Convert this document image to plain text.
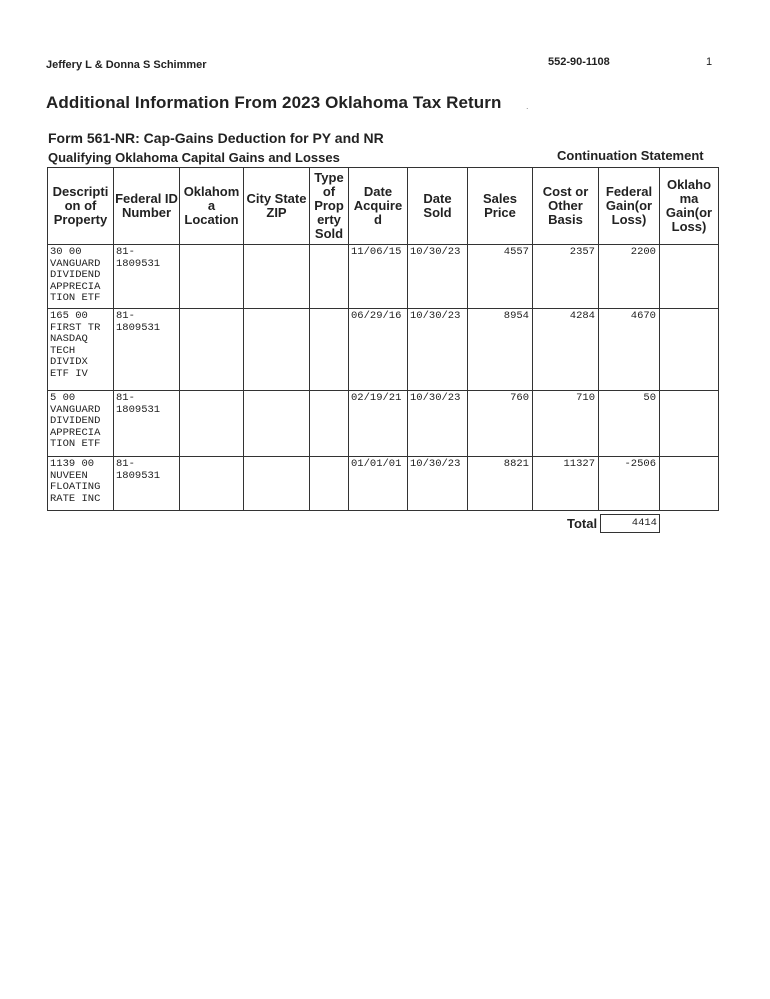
Jeffery L & Donna S Schimmer	552-90-1108	1
Additional Information From 2023 Oklahoma Tax Return	.
Form 561-NR: Cap-Gains Deduction for PY and NR
Qualifying Oklahoma Capital Gains and Losses	Continuation Statement
Descripti on of Property	Federal ID Number	Oklahom a Location	City State ZIP	Type of Prop erty Sold	Date Acquire d	Date Sold	Sales Price	Cost or Other Basis	Federal Gain(or Loss)	Oklaho ma Gain(or Loss)
30 00 VANGUARD DIVIDEND APPRECIA TION ETF	81-1809531				11/06/15	10/30/23	4557	2357	2200	
165 00 FIRST TR NASDAQ TECH DIVIDX ETF IV	81-1809531				06/29/16	10/30/23	8954	4284	4670	
5 00 VANGUARD DIVIDEND APPRECIA TION ETF	81-1809531				02/19/21	10/30/23	760	710	50	
1139 00 NUVEEN FLOATING RATE INC	81-1809531				01/01/01	10/30/23	8821	11327	-2506	
Total	4414
